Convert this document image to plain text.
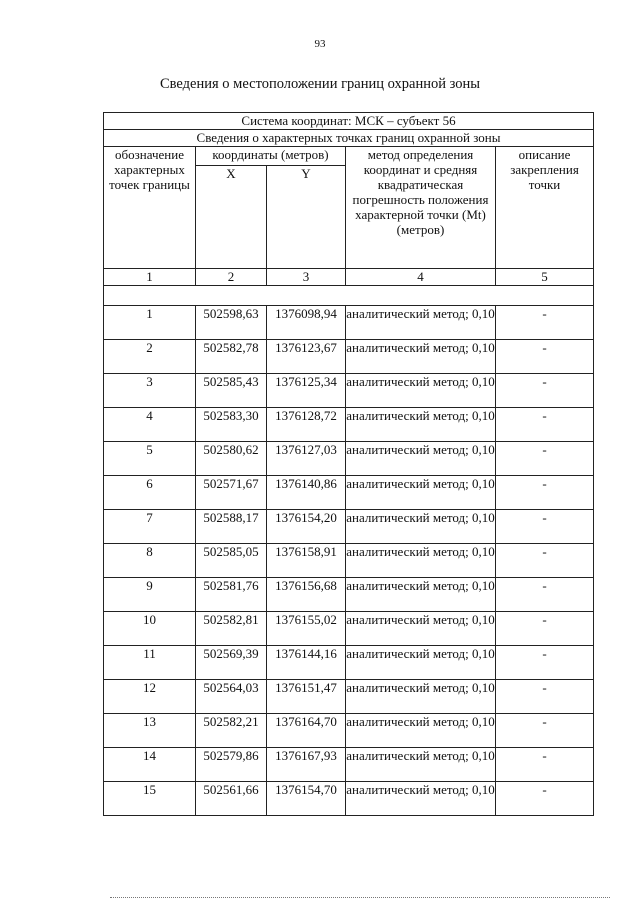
93
Сведения о местоположении границ охранной зоны
Система координат: МСК – субъект 56				
Сведения о характерных точках границ охранной зоны				
обозначение характерных точек границы	координаты (метров)		метод определения координат и средняя квадратическая погрешность положения характерной точки (Mt) (метров)	описание закрепления точки
	X	Y		
1	2	3	4	5

1	502598,63	1376098,94	аналитический метод; 0,10	-
2	502582,78	1376123,67	аналитический метод; 0,10	-
3	502585,43	1376125,34	аналитический метод; 0,10	-
4	502583,30	1376128,72	аналитический метод; 0,10	-
5	502580,62	1376127,03	аналитический метод; 0,10	-
6	502571,67	1376140,86	аналитический метод; 0,10	-
7	502588,17	1376154,20	аналитический метод; 0,10	-
8	502585,05	1376158,91	аналитический метод; 0,10	-
9	502581,76	1376156,68	аналитический метод; 0,10	-
10	502582,81	1376155,02	аналитический метод; 0,10	-
11	502569,39	1376144,16	аналитический метод; 0,10	-
12	502564,03	1376151,47	аналитический метод; 0,10	-
13	502582,21	1376164,70	аналитический метод; 0,10	-
14	502579,86	1376167,93	аналитический метод; 0,10	-
15	502561,66	1376154,70	аналитический метод; 0,10	-
